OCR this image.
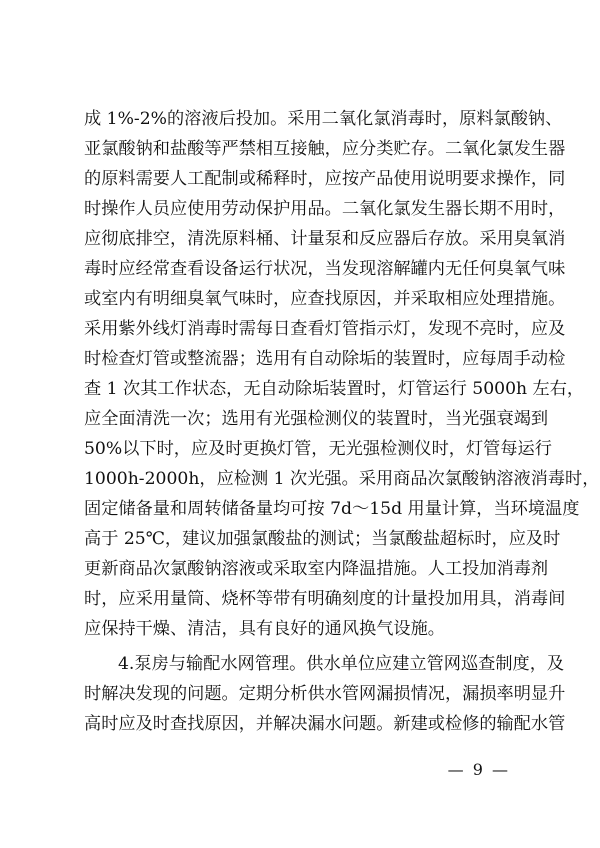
成 1%-2%的溶液后投加。采用二氧化氯消毒时，原料氯酸钠、
亚氯酸钠和盐酸等严禁相互接触，应分类贮存。二氧化氯发生器
的原料需要人工配制或稀释时，应按产品使用说明要求操作，同
时操作人员应使用劳动保护用品。二氧化氯发生器长期不用时，
应彻底排空，清洗原料桶、计量泵和反应器后存放。采用臭氧消
毒时应经常查看设备运行状况，当发现溶解罐内无任何臭氧气味
或室内有明细臭氧气味时，应查找原因，并采取相应处理措施。
采用紫外线灯消毒时需每日查看灯管指示灯，发现不亮时，应及
时检查灯管或整流器；选用有自动除垢的装置时，应每周手动检
查 1 次其工作状态，无自动除垢装置时，灯管运行 5000h 左右，
应全面清洗一次；选用有光强检测仪的装置时，当光强衰竭到
50%以下时，应及时更换灯管，无光强检测仪时，灯管每运行
1000h-2000h，应检测 1 次光强。采用商品次氯酸钠溶液消毒时，
固定储备量和周转储备量均可按 7d～15d 用量计算，当环境温度
高于 25℃，建议加强氯酸盐的测试；当氯酸盐超标时，应及时
更新商品次氯酸钠溶液或采取室内降温措施。人工投加消毒剂
时，应采用量筒、烧杯等带有明确刻度的计量投加用具，消毒间
应保持干燥、清洁，具有良好的通风换气设施。
4.泵房与输配水网管理。供水单位应建立管网巡查制度，及
时解决发现的问题。定期分析供水管网漏损情况，漏损率明显升
高时应及时查找原因，并解决漏水问题。新建或检修的输配水管
— 9 —
